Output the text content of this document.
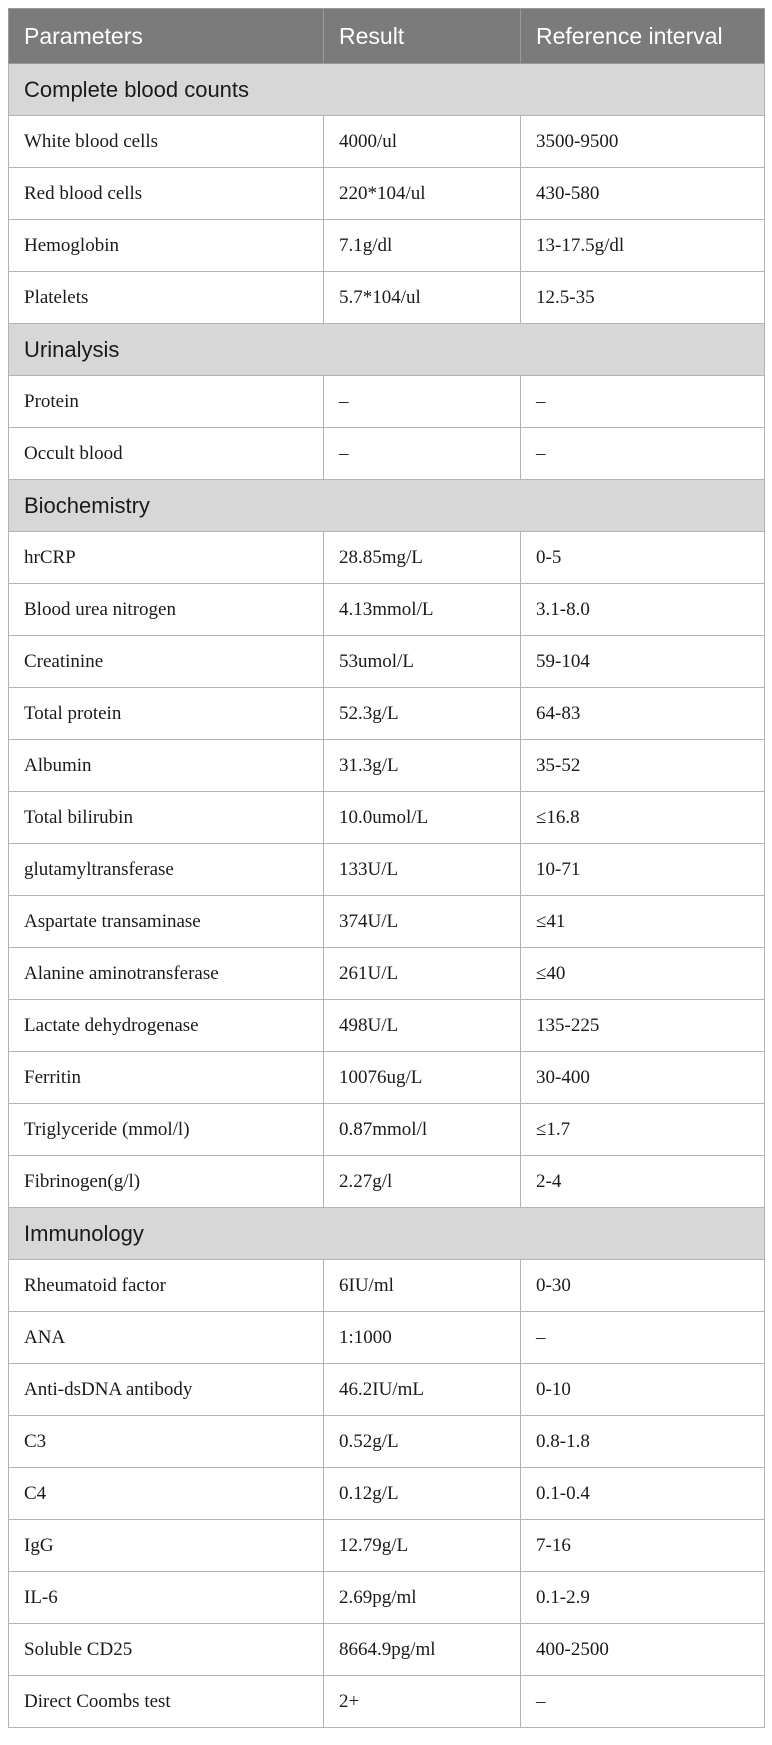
Parameters	Result	Reference interval
Complete blood counts		
White blood cells	4000/ul	3500-9500
Red blood cells	220*104/ul	430-580
Hemoglobin	7.1g/dl	13-17.5g/dl
Platelets	5.7*104/ul	12.5-35
Urinalysis		
Protein	–	–
Occult blood	–	–
Biochemistry		
hrCRP	28.85mg/L	0-5
Blood urea nitrogen	4.13mmol/L	3.1-8.0
Creatinine	53umol/L	59-104
Total protein	52.3g/L	64-83
Albumin	31.3g/L	35-52
Total bilirubin	10.0umol/L	≤16.8
glutamyltransferase	133U/L	10-71
Aspartate transaminase	374U/L	≤41
Alanine aminotransferase	261U/L	≤40
Lactate dehydrogenase	498U/L	135-225
Ferritin	10076ug/L	30-400
Triglyceride (mmol/l)	0.87mmol/l	≤1.7
Fibrinogen(g/l)	2.27g/l	2-4
Immunology		
Rheumatoid factor	6IU/ml	0-30
ANA	1:1000	–
Anti-dsDNA antibody	46.2IU/mL	0-10
C3	0.52g/L	0.8-1.8
C4	0.12g/L	0.1-0.4
IgG	12.79g/L	7-16
IL-6	2.69pg/ml	0.1-2.9
Soluble CD25	8664.9pg/ml	400-2500
Direct Coombs test	2+	–
